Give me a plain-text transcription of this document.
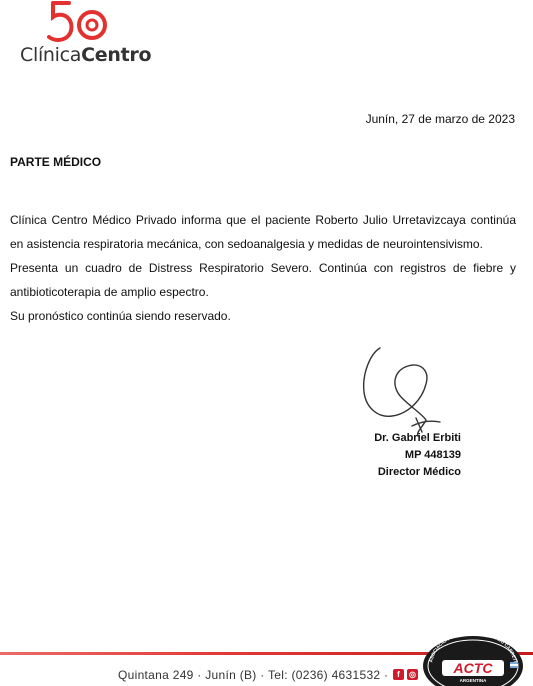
ClínicaCentro
Junín, 27 de marzo de 2023
PARTE MÉDICO

Clínica Centro Médico Privado informa que el paciente Roberto Julio Urretavizcaya continúa en asistencia respiratoria mecánica, con sedoanalgesia y medidas de neurointensivismo.

Presenta un cuadro de Distress Respiratorio Severo. Continúa con registros de fiebre y antibioticoterapia de amplio espectro.

Su pronóstico continúa siendo reservado.

Dr. Gabriel Erbiti
MP 448139
Director Médico
Quintana 249 · Junín (B) · Tel: (0236) 4631532 ·	f	◎
ASOCIACIÓN CORREDORES TURISMO CARRET
ACTC
ARGENTINA
